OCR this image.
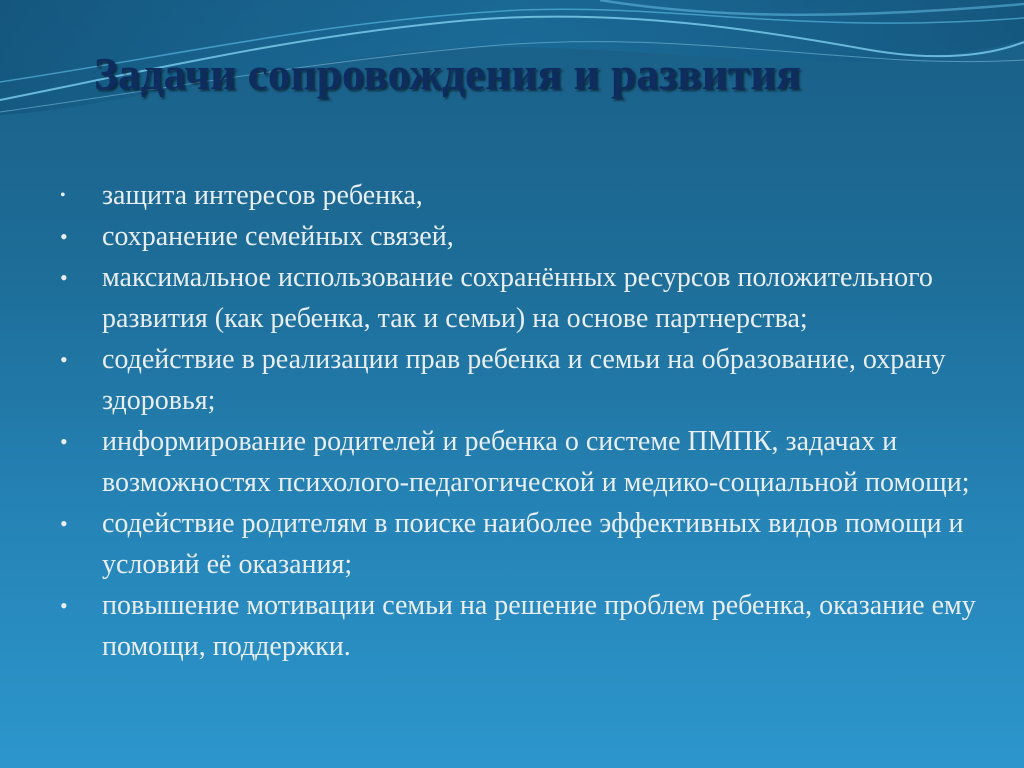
Задачи сопровождения и развития
•	защита интересов ребенка,
•	сохранение семейных связей,
•	максимальное использование сохранённых ресурсов положительного развития (как ребенка, так и семьи) на основе партнерства;
•	содействие в реализации прав ребенка и семьи на образование, охрану здоровья;
•	информирование родителей и ребенка о системе ПМПК, задачах и возможностях психолого-педагогической и медико-социальной помощи;
•	содействие родителям в поиске наиболее эффективных видов помощи и условий её оказания;
•	повышение мотивации семьи на решение проблем ребенка, оказание ему помощи, поддержки.
